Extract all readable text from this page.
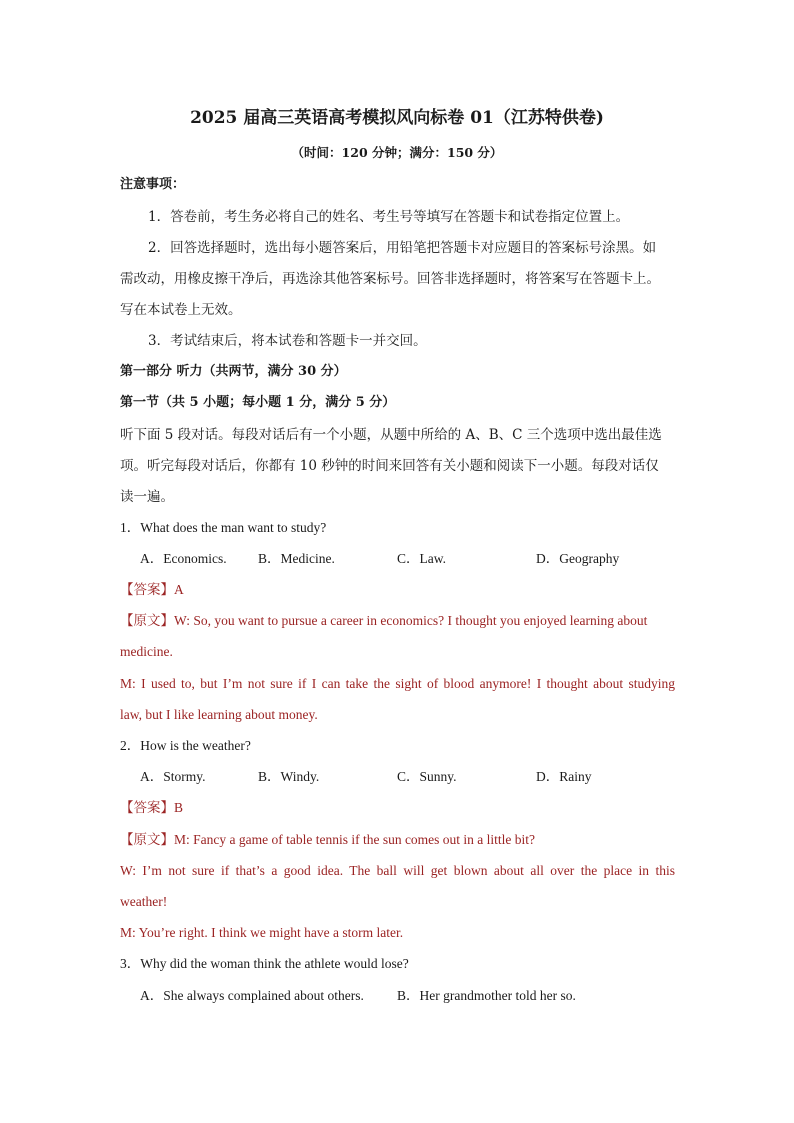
2025 届高三英语高考模拟风向标卷 01（江苏特供卷)
（时间：120 分钟；满分：150 分）
注意事项：
1．答卷前，考生务必将自己的姓名、考生号等填写在答题卡和试卷指定位置上。
2．回答选择题时，选出每小题答案后，用铅笔把答题卡对应题目的答案标号涂黑。如
需改动，用橡皮擦干净后，再选涂其他答案标号。回答非选择题时，将答案写在答题卡上。
写在本试卷上无效。
3．考试结束后，将本试卷和答题卡一并交回。
第一部分 听力（共两节，满分 30 分）
第一节（共 5 小题；每小题 1 分，满分 5 分）
听下面 5 段对话。每段对话后有一个小题，从题中所给的 A、B、C 三个选项中选出最佳选
项。听完每段对话后，你都有 10 秒钟的时间来回答有关小题和阅读下一小题。每段对话仅
读一遍。
1．What does the man want to study?
A．Economics. B．Medicine.	C．Law.	D．Geography
【答案】A
【原文】W: So, you want to pursue a career in economics? I thought you enjoyed learning about
medicine.
M: I used to, but I’m not sure if I can take the sight of blood anymore! I thought about studying
law, but I like learning about money.
2．How is the weather?
A．Stormy.	B．Windy.	C．Sunny.	D．Rainy
【答案】B
【原文】M: Fancy a game of table tennis if the sun comes out in a little bit?
W: I’m not sure if that’s a good idea. The ball will get blown about all over the place in this
weather!
M: You’re right. I think we might have a storm later.
3．Why did the woman think the athlete would lose?
A．She always complained about others. B．Her grandmother told her so.
